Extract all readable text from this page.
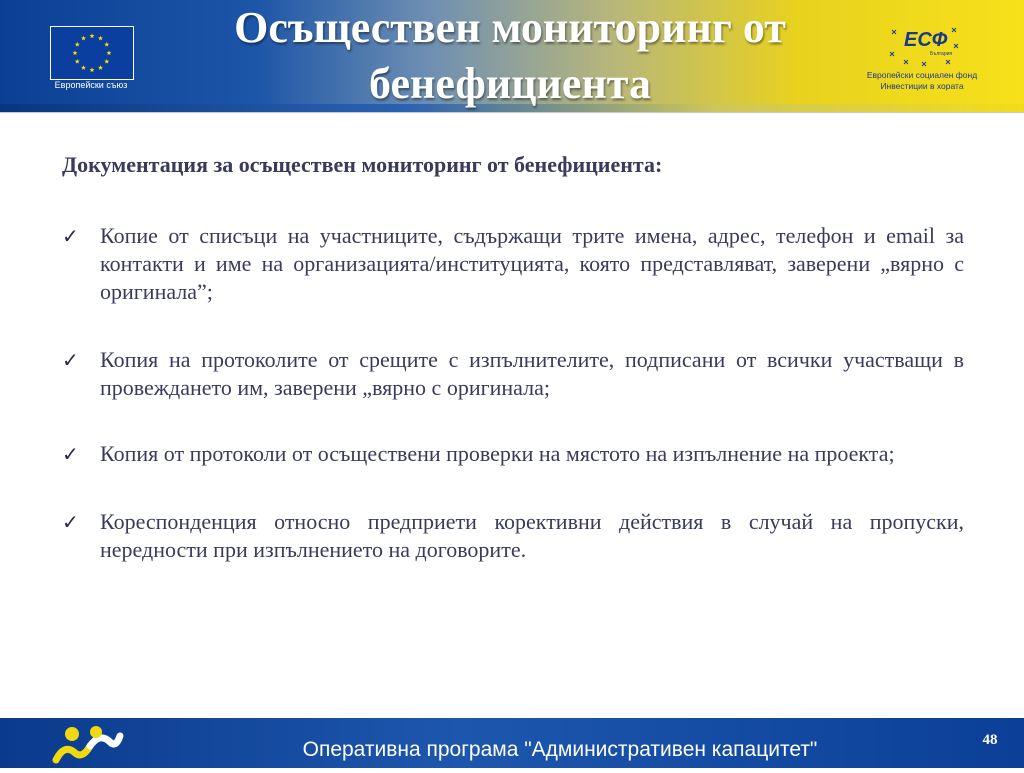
Европейски съюз
Осъществен мониторинг от
бенефициента
ЕСФ
България
Европейски социален фонд
Инвестиции в хората
Документация за осъществен мониторинг от бенефициента:
✓ Копие от списъци на участниците, съдържащи трите имена, адрес, телефон и email за контакти и име на организацията/институцията, която представляват, заверени „вярно с оригинала”;
✓ Копия на протоколите от срещите с изпълнителите, подписани от всички участващи в провеждането им, заверени „вярно с оригинала;
✓ Копия от протоколи от осъществени проверки на мястото на изпълнение на проекта;
✓ Кореспонденция относно предприети корективни действия в случай на пропуски, нередности при изпълнението на договорите.
Оперативна програма "Административен капацитет"	48
